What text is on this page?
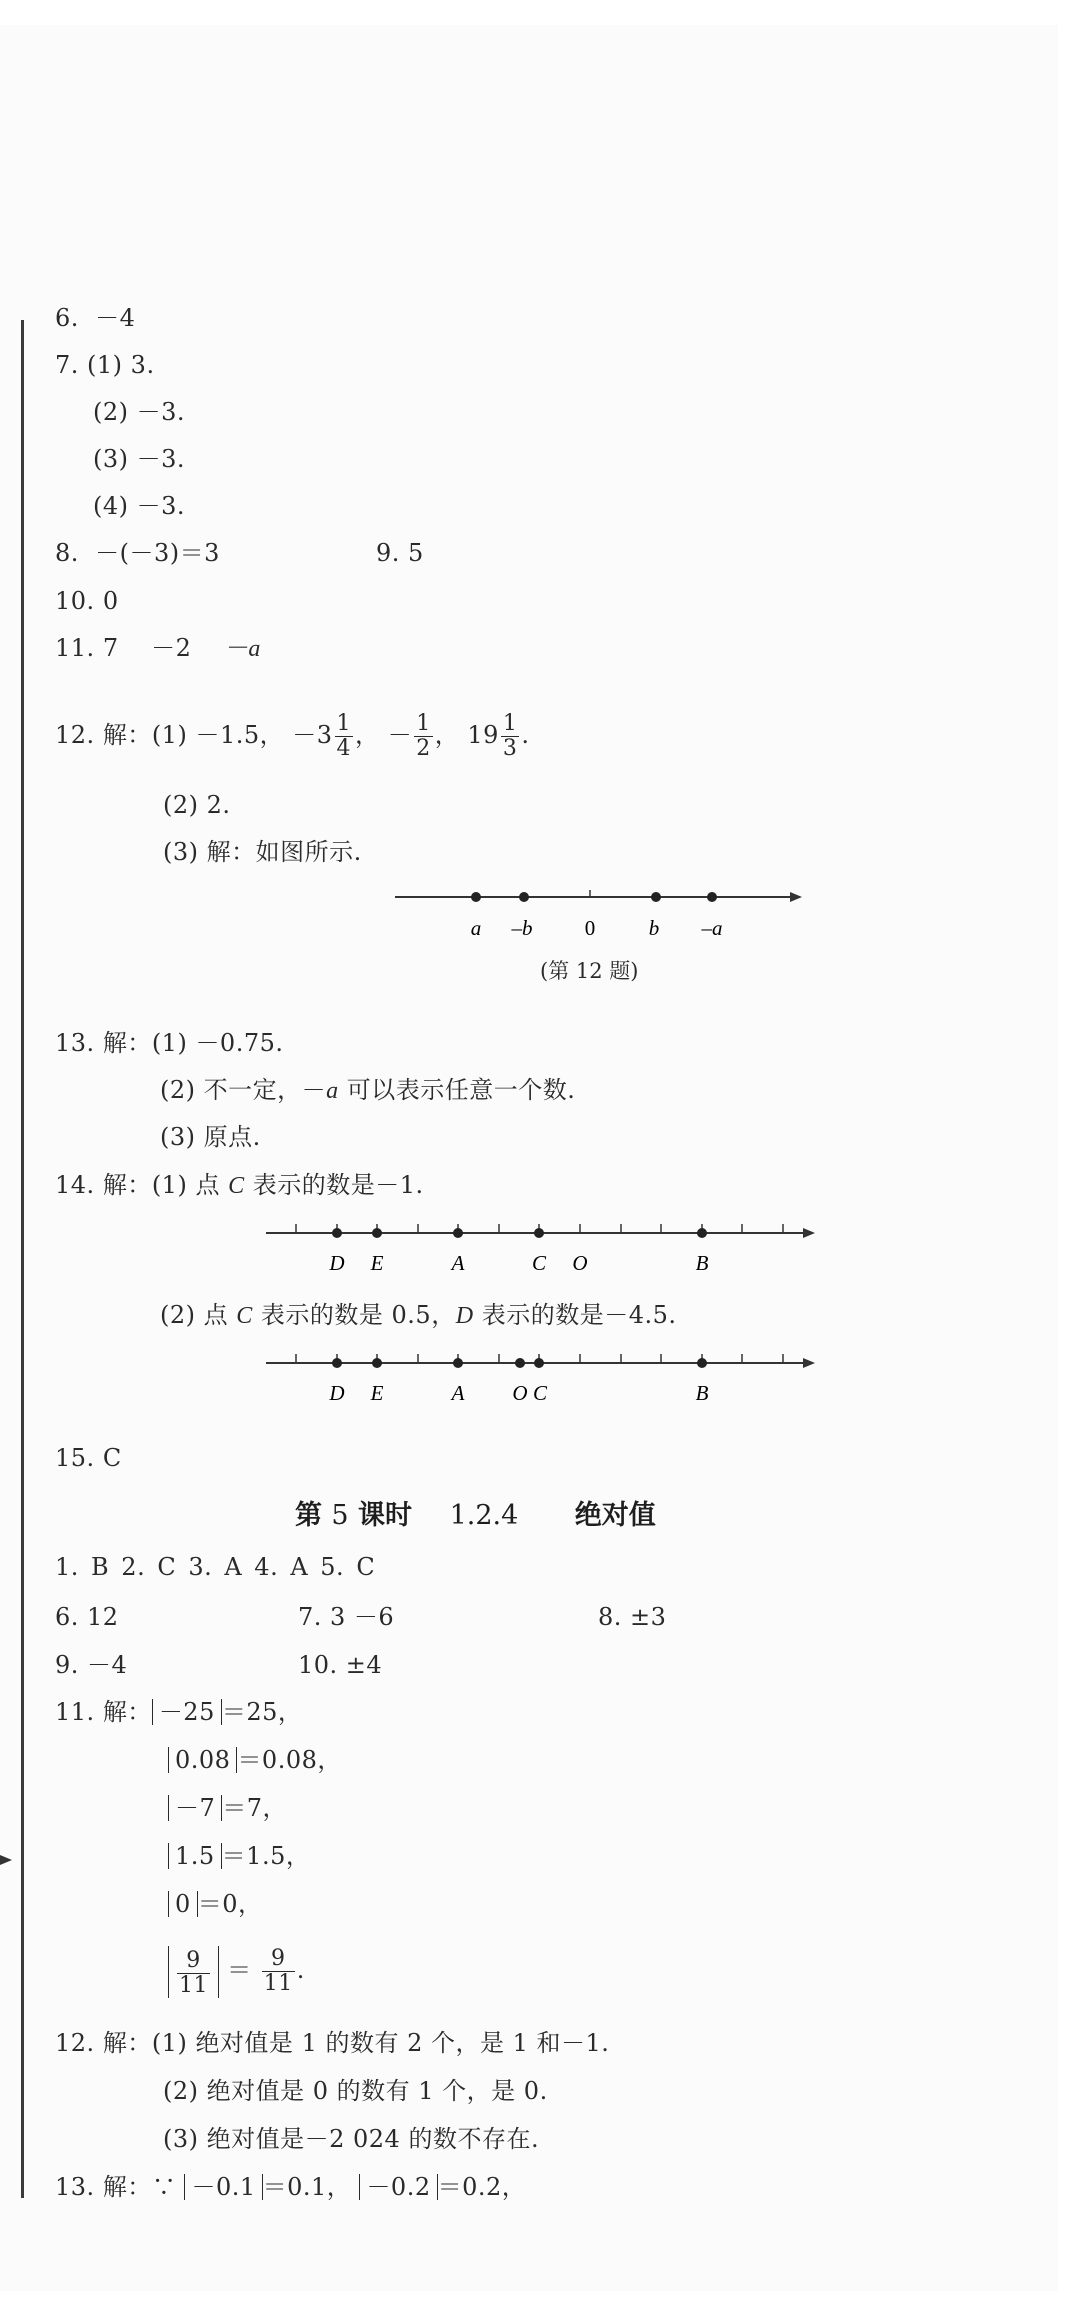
6. －4
7. (1) 3.
(2) －3.
(3) －3.
(4) －3.
8. －(－3)＝3	9. 5
10. 0
11. 7 －2 －a
12. 解：(1) －1.5， $-3 \frac{1}{4}$ ， － $\frac{1}{2}$ ， $19 \frac{1}{3}$ .
(2) 2.
(3) 解：如图所示.
a –b 0	b –a
(第 12 题)
13. 解：(1) －0.75.
(2) 不一定，－a 可以表示任意一个数.
(3) 原点.
14. 解：(1) 点 C 表示的数是－1.
D E	A	C O	B
(2) 点 C 表示的数是 0.5，D 表示的数是－4.5.
D E	A O C	B
15. C
第 5 课时 1.2.4 绝对值
1. B 2. C 3. A 4. A 5. C
6. 12	7. 3 －6	8. ±3
9. －4	10. ±4
11. 解： －25 ＝25，
0.08 ＝0.08，
－7 ＝7，
1.5 ＝1.5，
0 ＝0，
$\frac{9}{11} = \frac{9}{11}$ .
12. 解：(1) 绝对值是 1 的数有 2 个，是 1 和－1.
(2) 绝对值是 0 的数有 1 个，是 0.
(3) 绝对值是－2 024 的数不存在.
13. 解：∵ －0.1 ＝0.1， －0.2 ＝0.2，
